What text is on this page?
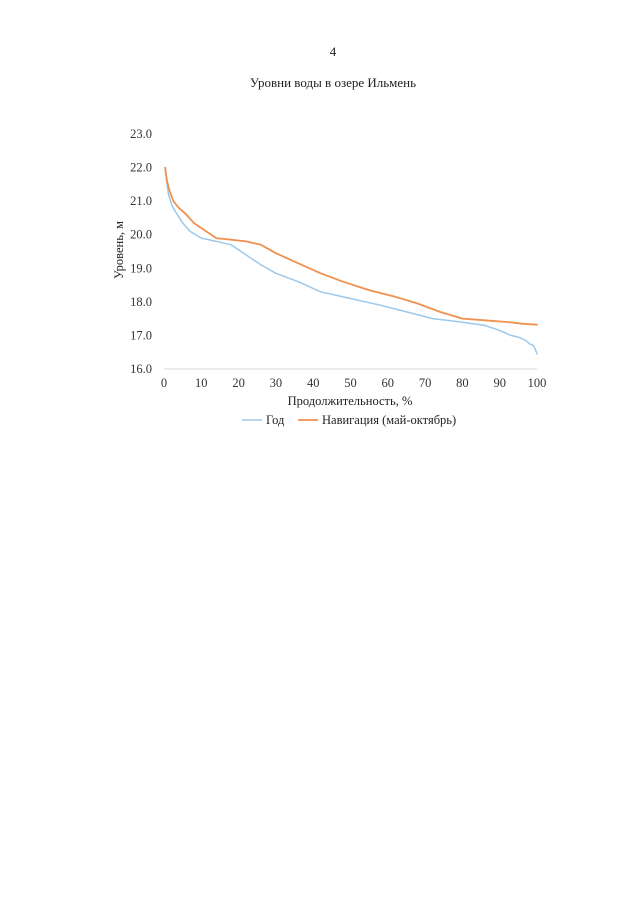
4
Уровни воды в озере Ильмень
16.0
17.0
18.0
19.0
20.0
21.0
22.0
23.0
0 10 20 30 40 50 60 70 80 90 100
Уровень, м
Продолжительность, %
Год	Навигация (май-октябрь)
